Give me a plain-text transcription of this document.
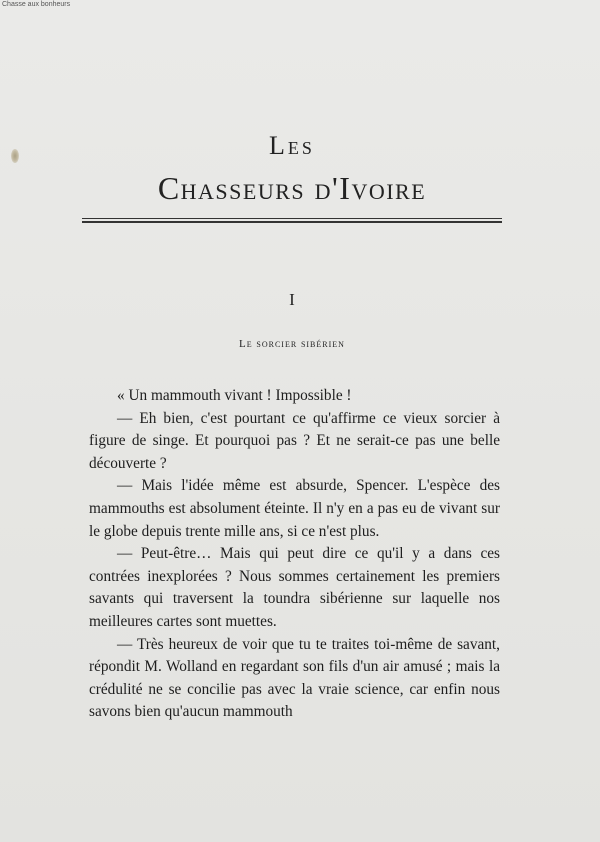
Chasse aux bonheurs
Les
Chasseurs d'Ivoire
I
Le sorcier sibérien

« Un mammouth vivant ! Impossible !

— Eh bien, c'est pourtant ce qu'affirme ce vieux sorcier à figure de singe. Et pourquoi pas ? Et ne serait-ce pas une belle découverte ?

— Mais l'idée même est absurde, Spencer. L'espèce des mammouths est absolument éteinte. Il n'y en a pas eu de vivant sur le globe depuis trente mille ans, si ce n'est plus.

— Peut-être… Mais qui peut dire ce qu'il y a dans ces contrées inexplorées ? Nous sommes certainement les premiers savants qui traversent la toundra sibérienne sur laquelle nos meilleures cartes sont muettes.

— Très heureux de voir que tu te traites toi-même de savant, répondit M. Wolland en regardant son fils d'un air amusé ; mais la crédulité ne se concilie pas avec la vraie science, car enfin nous savons bien qu'aucun mammouth
